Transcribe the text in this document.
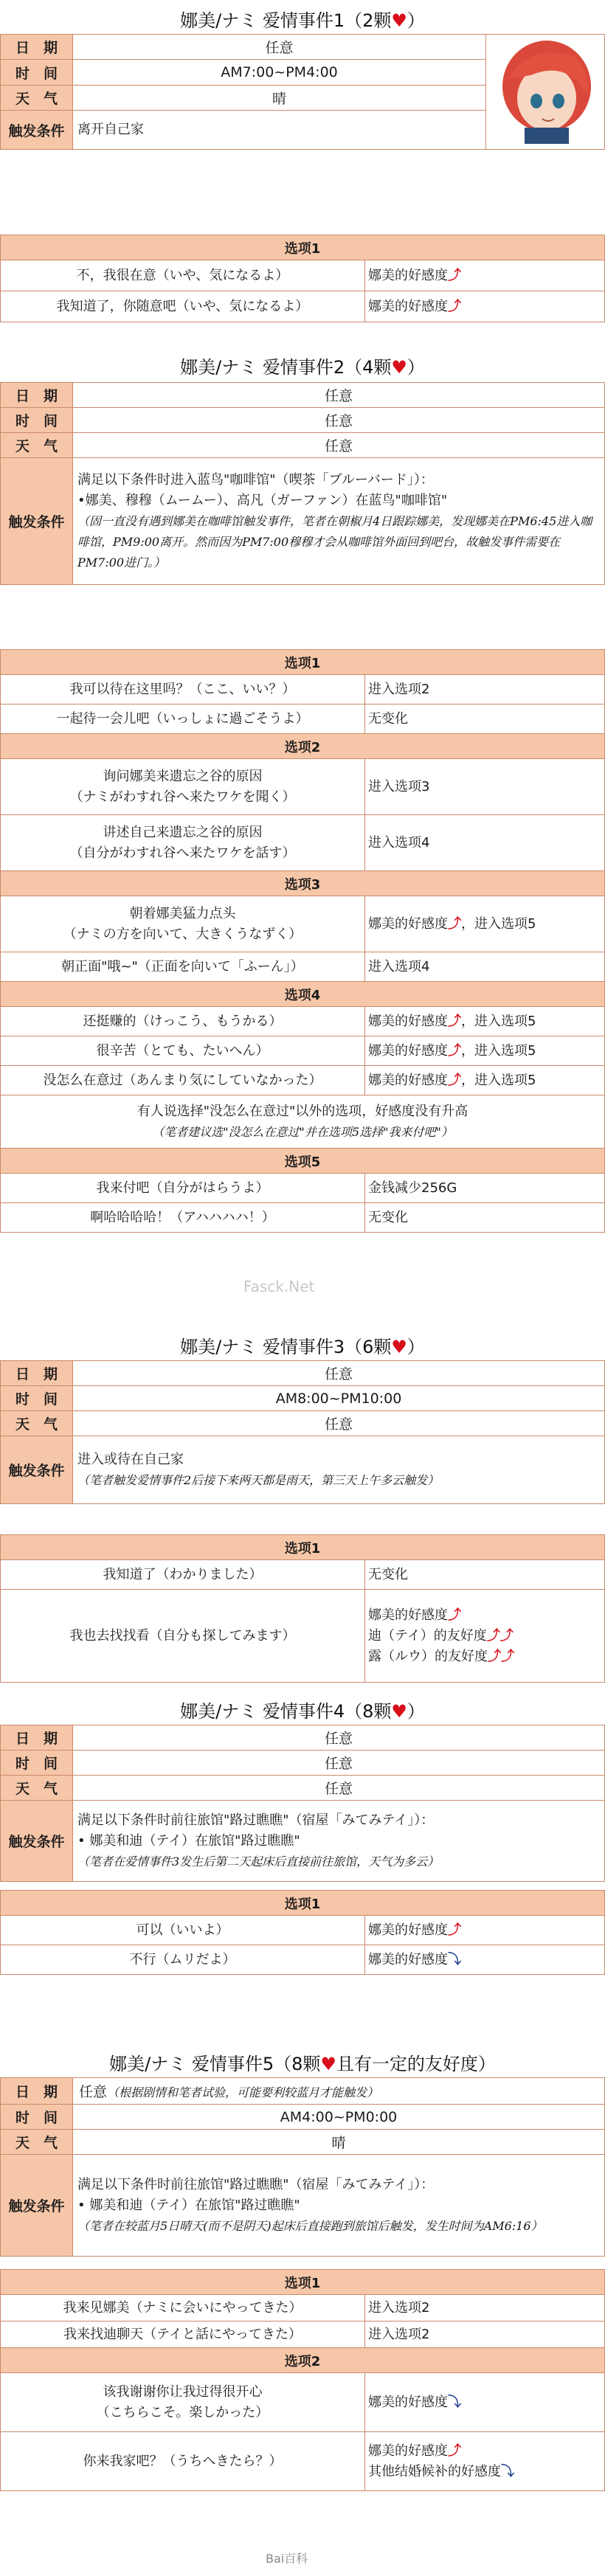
娜美/ナミ 爱情事件1（2颗♥）
日　期	任意	
时　间	AM7:00~PM4:00	
天　气	晴	
触发条件	离开自己家	
选项1	
不，我很在意（いや、気になるよ）	娜美的好感度⤴
我知道了，你随意吧（いや、気になるよ）	娜美的好感度⤴
娜美/ナミ 爱情事件2（4颗♥）
日　期	任意
时　间	任意
天　气	任意
触发条件	满足以下条件时进入蓝鸟"咖啡馆"（喫茶「ブルーバード」）：
•娜美、穆穆（ムームー）、高凡（ガーファン）在蓝鸟"咖啡馆"
（固一直没有遇到娜美在咖啡馆触发事件，笔者在朝椒月4日跟踪娜美，发现娜美在PM6:45进入咖啡馆，PM9:00离开。然而因为PM7:00穆穆才会从咖啡馆外面回到吧台，故触发事件需要在PM7:00进门。）
选项1	
我可以待在这里吗？（ここ、いい？）	进入选项2
一起待一会儿吧（いっしょに過ごそうよ）	无变化
选项2	

询问娜美来遗忘之谷的原因
（ナミがわすれ谷へ来たワケを聞く）	进入选项3

讲述自己来遗忘之谷的原因
（自分がわすれ谷へ来たワケを話す）	进入选项4
选项3	

朝着娜美猛力点头
（ナミの方を向いて、大きくうなずく）	娜美的好感度⤴，进入选项5
朝正面"哦~"（正面を向いて「ふーん」）	进入选项4
选项4	
还挺赚的（けっこう、もうかる）	娜美的好感度⤴，进入选项5
很辛苦（とても、たいへん）	娜美的好感度⤴，进入选项5
没怎么在意过（あんまり気にしていなかった）	娜美的好感度⤴，进入选项5

有人说选择"没怎么在意过"以外的选项，好感度没有升高
（笔者建议选"没怎么在意过"并在选项5选择"我来付吧"）	

选项5	
我来付吧（自分がはらうよ）	金钱减少256G
啊哈哈哈哈！（アハハハハ！）	无变化
Fasck.Net
娜美/ナミ 爱情事件3（6颗♥）
日　期	任意
时　间	AM8:00~PM10:00
天　气	任意
触发条件	进入或待在自己家
（笔者触发爱情事件2后接下来两天都是雨天，第三天上午多云触发）
选项1	
我知道了（わかりました）	无变化
我也去找找看（自分も探してみます）	娜美的好感度⤴
迪（テイ）的友好度⤴⤴
露（ルウ）的友好度⤴⤴
娜美/ナミ 爱情事件4（8颗♥）
日　期	任意
时　间	任意
天　气	任意
触发条件	满足以下条件时前往旅馆"路过瞧瞧"（宿屋「みてみテイ」）：
• 娜美和迪（テイ）在旅馆"路过瞧瞧"
（笔者在爱情事件3发生后第二天起床后直接前往旅馆，天气为多云）
选项1	
可以（いいよ）	娜美的好感度⤴
不行（ムリだよ）	娜美的好感度⤵
娜美/ナミ 爱情事件5（8颗♥且有一定的友好度）
日　期	任意（根据剧情和笔者试验，可能要利较蓝月才能触发）
时　间	AM4:00~PM0:00
天　气	晴
触发条件	满足以下条件时前往旅馆"路过瞧瞧"（宿屋「みてみテイ」）：
• 娜美和迪（テイ）在旅馆"路过瞧瞧"
（笔者在较蓝月5日晴天(而不是阴天)起床后直接跑到旅馆后触发，发生时间为AM6:16）
选项1	
我来见娜美（ナミに会いにやってきた）	进入选项2
我来找迪聊天（テイと話にやってきた）	进入选项2
选项2	

该我谢谢你让我过得很开心
（こちらこそ。楽しかった）	娜美的好感度⤵
你来我家吧？（うちへきたら？）	娜美的好感度⤴
其他结婚候补的好感度⤵
Bai百科
